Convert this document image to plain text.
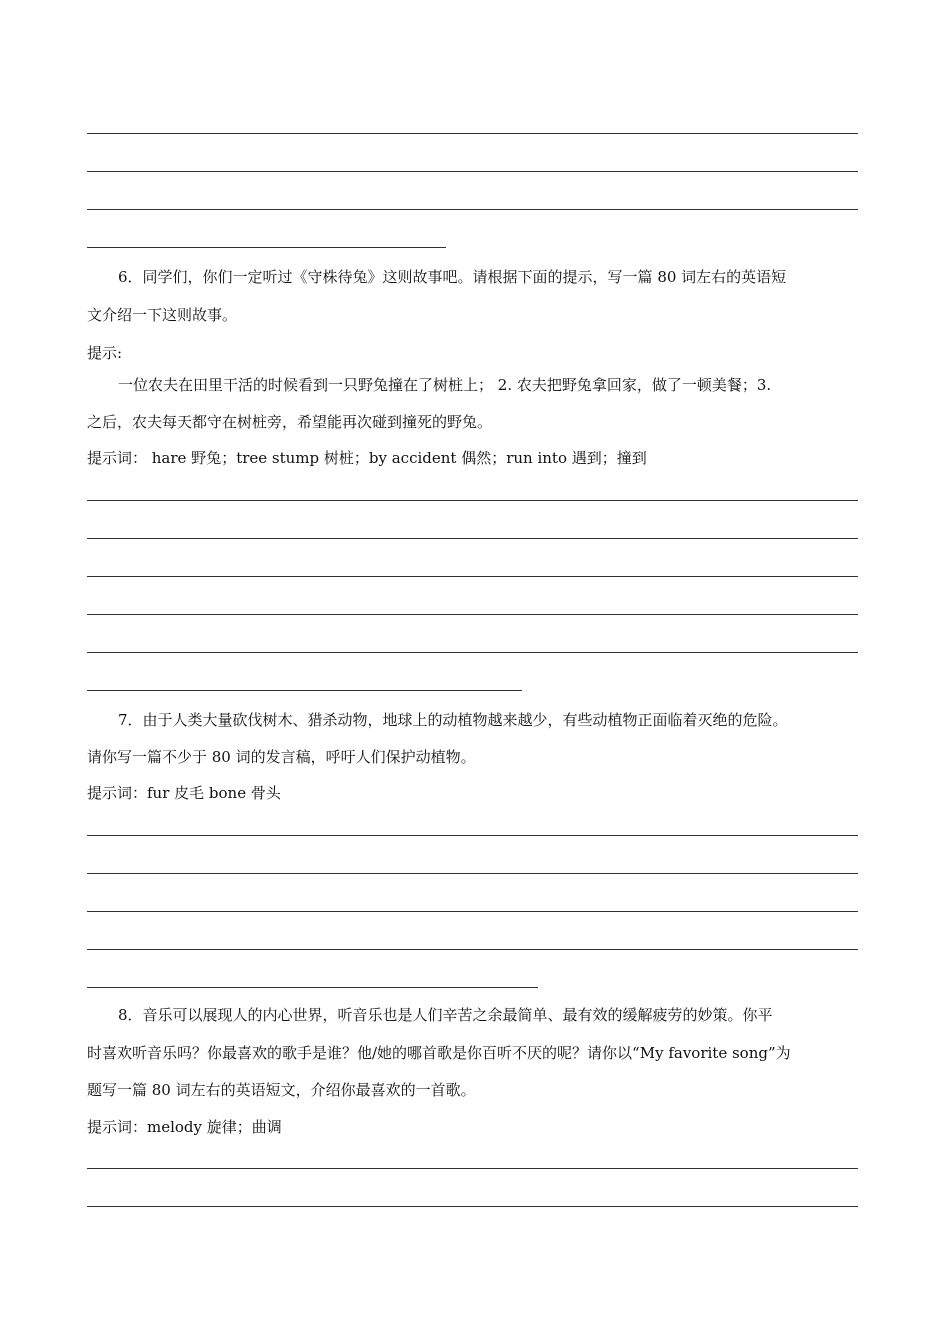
6．同学们，你们一定听过《守株待兔》这则故事吧。请根据下面的提示，写一篇 80 词左右的英语短
文介绍一下这则故事。
提示:
一位农夫在田里干活的时候看到一只野兔撞在了树桩上； 2. 农夫把野兔拿回家，做了一顿美餐；3.
之后，农夫每天都守在树桩旁，希望能再次碰到撞死的野兔。
提示词： hare 野兔；tree stump 树桩；by accident 偶然；run into 遇到；撞到
7．由于人类大量砍伐树木、猎杀动物，地球上的动植物越来越少，有些动植物正面临着灭绝的危险。
请你写一篇不少于 80 词的发言稿，呼吁人们保护动植物。
提示词：fur 皮毛 bone 骨头
8．音乐可以展现人的内心世界，听音乐也是人们辛苦之余最简单、最有效的缓解疲劳的妙策。你平
时喜欢听音乐吗？你最喜欢的歌手是谁？他/她的哪首歌是你百听不厌的呢？请你以“My favorite song”为
题写一篇 80 词左右的英语短文，介绍你最喜欢的一首歌。
提示词：melody 旋律；曲调
